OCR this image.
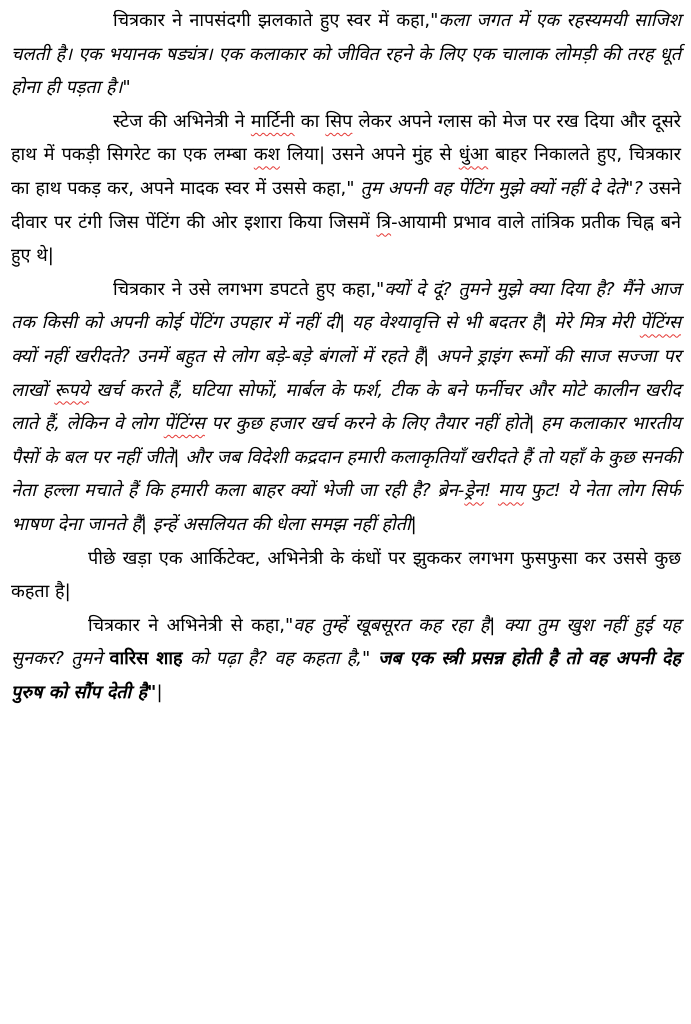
चित्रकार ने नापसंदगी झलकाते हुए स्वर में कहा,"कला जगत में एक रहस्यमयी साजिश चलती है। एक भयानक षड्यंत्र। एक कलाकार को जीवित रहने के लिए एक चालाक लोमड़ी की तरह धूर्त होना ही पड़ता है।"

स्टेज की अभिनेत्री ने मार्टिनी का सिप लेकर अपने ग्लास को मेज पर रख दिया और दूसरे हाथ में पकड़ी सिगरेट का एक लम्बा कश लिया| उसने अपने मुंह से धुंआ बाहर निकालते हुए, चित्रकार का हाथ पकड़ कर, अपने मादक स्वर में उससे कहा," तुम अपनी वह पेंटिंग मुझे क्यों नहीं दे देते"? उसने दीवार पर टंगी जिस पेंटिंग की ओर इशारा किया जिसमें त्रि-आयामी प्रभाव वाले तांत्रिक प्रतीक चिह्न बने हुए थे|

चित्रकार ने उसे लगभग डपटते हुए कहा,"क्यों दे दूं? तुमने मुझे क्या दिया है? मैंने आज तक किसी को अपनी कोई पेंटिंग उपहार में नहीं दी| यह वेश्यावृत्ति से भी बदतर है| मेरे मित्र मेरी पेंटिंग्स क्यों नहीं खरीदते? उनमें बहुत से लोग बड़े-बड़े बंगलों में रहते हैं| अपने ड्राइंग रूमों की साज सज्जा पर लाखों रूपये खर्च करते हैं, घटिया सोफों, मार्बल के फर्श, टीक के बने फर्नीचर और मोटे कालीन खरीद लाते हैं, लेकिन वे लोग पेंटिंग्स पर कुछ हजार खर्च करने के लिए तैयार नहीं होते| हम कलाकार भारतीय पैसों के बल पर नहीं जीते| और जब विदेशी कद्रदान हमारी कलाकृतियाँ खरीदते हैं तो यहाँ के कुछ सनकी नेता हल्ला मचाते हैं कि हमारी कला बाहर क्यों भेजी जा रही है? ब्रेन-ड्रेन! माय फुट! ये नेता लोग सिर्फ भाषण देना जानते हैं| इन्हें असलियत की धेला समझ नहीं होती|

पीछे खड़ा एक आर्किटेक्ट, अभिनेत्री के कंधों पर झुककर लगभग फुसफुसा कर उससे कुछ कहता है|

चित्रकार ने अभिनेत्री से कहा,"वह तुम्हें खूबसूरत कह रहा है| क्या तुम खुश नहीं हुई यह सुनकर? तुमने वारिस शाह को पढ़ा है? वह कहता है," जब एक स्त्री प्रसन्न होती है तो वह अपनी देह पुरुष को सौंप देती है"|
